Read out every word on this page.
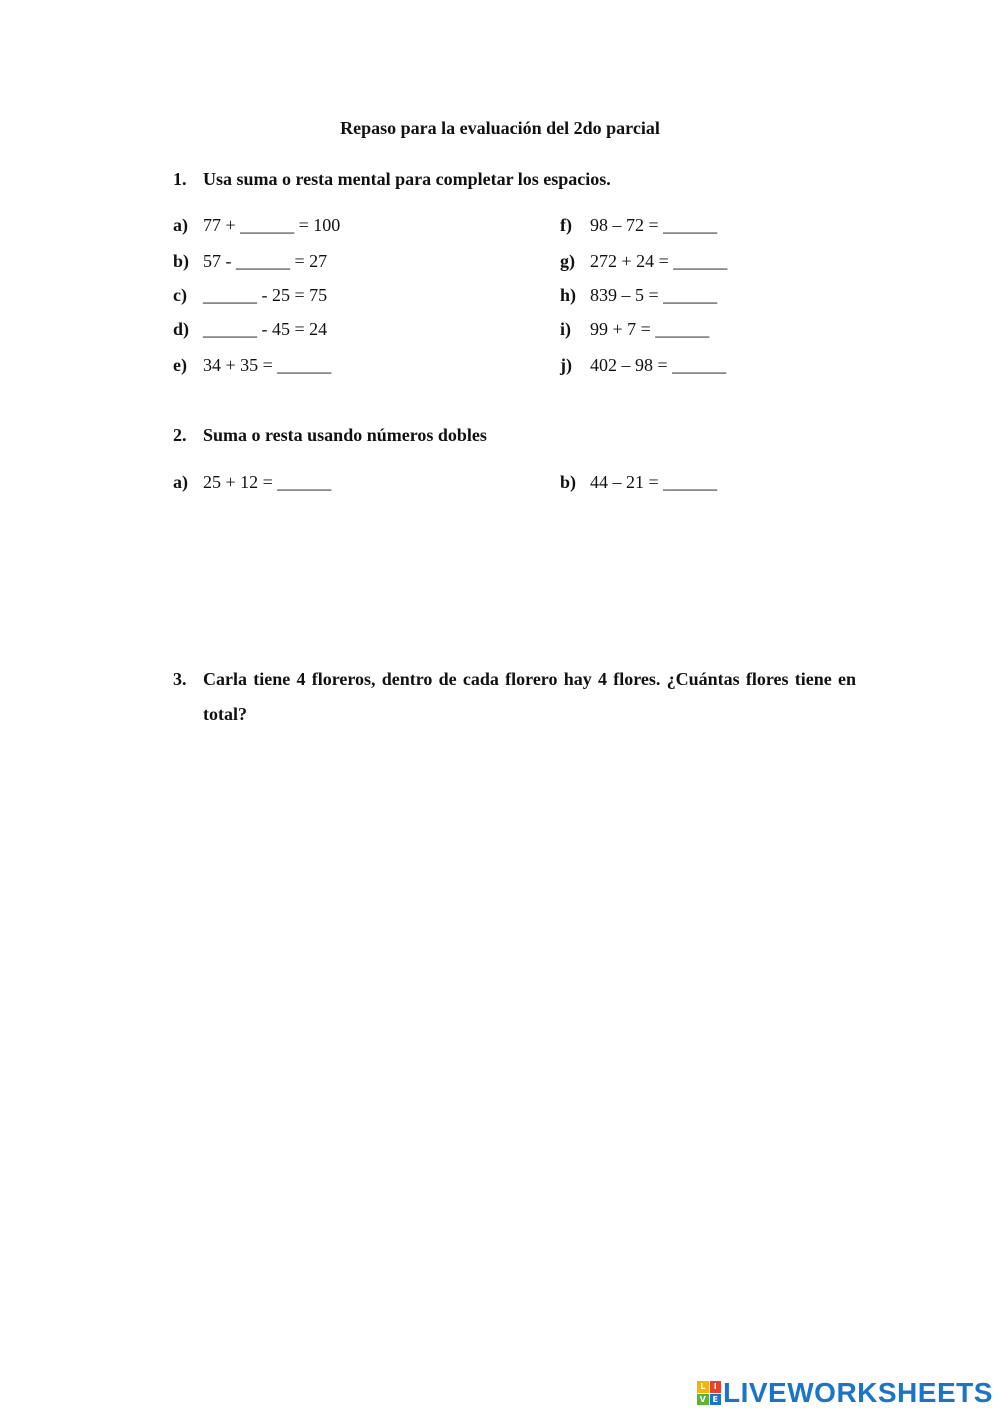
Repaso para la evaluación del 2do parcial
1. Usa suma o resta mental para completar los espacios.
a) 77 + ______ = 100
b) 57 - ______ = 27
c) ______ - 25 = 75
d) ______ - 45 = 24
e) 34 + 35 = ______
f) 98 – 72 = ______
g) 272 + 24 = ______
h) 839 – 5 = ______
i) 99 + 7 = ______
j) 402 – 98 = ______
2. Suma o resta usando números dobles
a) 25 + 12 = ______	b) 44 – 21 = ______
3. Carla tiene 4 floreros, dentro de cada florero hay 4 flores. ¿Cuántas flores tiene en total?
L	I
V E LIVEWORKSHEETS
